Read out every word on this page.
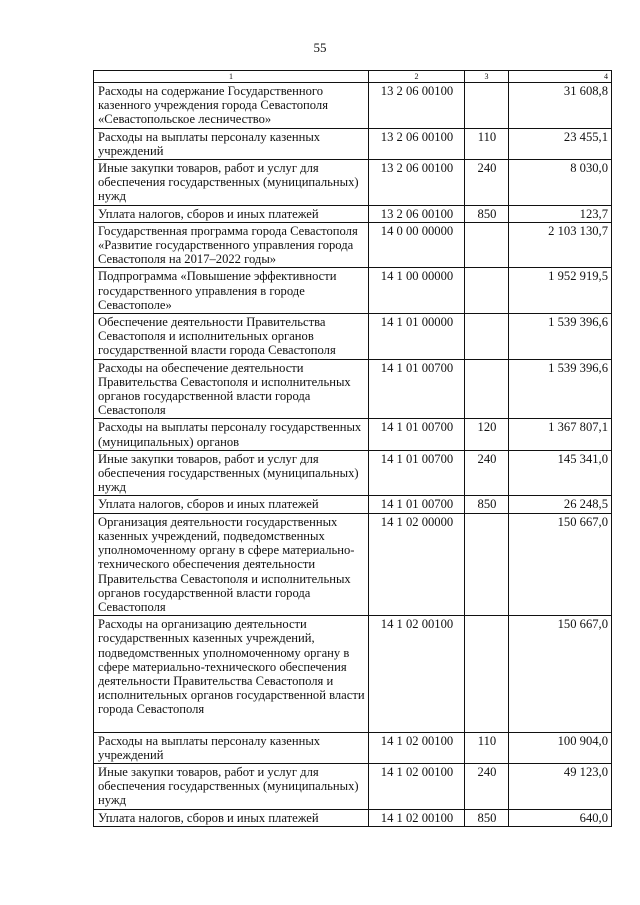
55
1	2	3	4
Расходы на содержание Государственного казенного учреждения города Севастополя «Севастопольское лесничество»	13 2 06 00100		31 608,8
Расходы на выплаты персоналу казенных учреждений	13 2 06 00100	110	23 455,1
Иные закупки товаров, работ и услуг для обеспечения государственных (муниципальных) нужд	13 2 06 00100	240	8 030,0
Уплата налогов, сборов и иных платежей	13 2 06 00100	850	123,7
Государственная программа города Севастополя «Развитие государственного управления города Севастополя на 2017–2022 годы»	14 0 00 00000		2 103 130,7
Подпрограмма «Повышение эффективности государственного управления в городе Севастополе»	14 1 00 00000		1 952 919,5
Обеспечение деятельности Правительства Севастополя и исполнительных органов государственной власти города Севастополя	14 1 01 00000		1 539 396,6
Расходы на обеспечение деятельности Правительства Севастополя и исполнительных органов государственной власти города Севастополя	14 1 01 00700		1 539 396,6
Расходы на выплаты персоналу государственных (муниципальных) органов	14 1 01 00700	120	1 367 807,1
Иные закупки товаров, работ и услуг для обеспечения государственных (муниципальных) нужд	14 1 01 00700	240	145 341,0
Уплата налогов, сборов и иных платежей	14 1 01 00700	850	26 248,5
Организация деятельности государственных казенных учреждений, подведомственных уполномоченному органу в сфере материально-технического обеспечения деятельности Правительства Севастополя и исполнительных органов государственной власти города Севастополя	14 1 02 00000		150 667,0
Расходы на организацию деятельности государственных казенных учреждений, подведомственных уполномоченному органу в сфере материально-технического обеспечения деятельности Правительства Севастополя и исполнительных органов государственной власти города Севастополя	14 1 02 00100		150 667,0
Расходы на выплаты персоналу казенных учреждений	14 1 02 00100	110	100 904,0
Иные закупки товаров, работ и услуг для обеспечения государственных (муниципальных) нужд	14 1 02 00100	240	49 123,0
Уплата налогов, сборов и иных платежей	14 1 02 00100	850	640,0
